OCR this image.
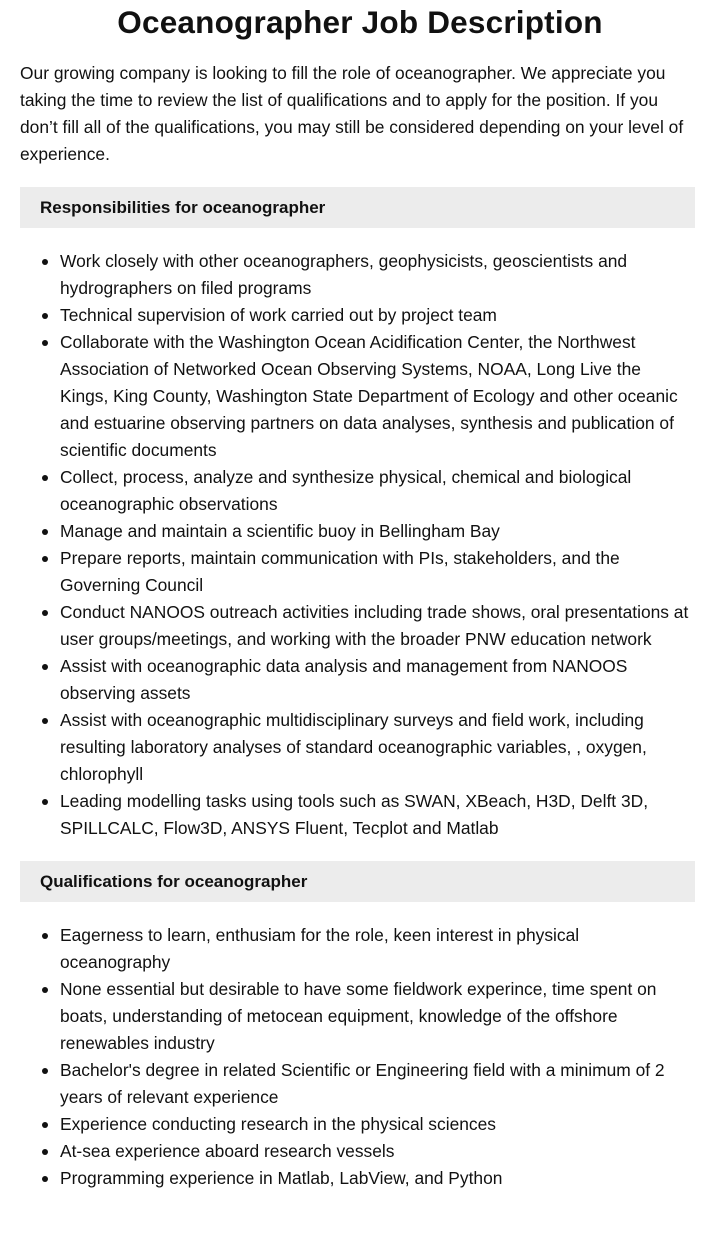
Oceanographer Job Description

Our growing company is looking to fill the role of oceanographer. We appreciate you taking the time to review the list of qualifications and to apply for the position. If you don’t fill all of the qualifications, you may still be considered depending on your level of experience.

Responsibilities for oceanographer
Work closely with other oceanographers, geophysicists, geoscientists and hydrographers on filed programs
Technical supervision of work carried out by project team
Collaborate with the Washington Ocean Acidification Center, the Northwest Association of Networked Ocean Observing Systems, NOAA, Long Live the Kings, King County, Washington State Department of Ecology and other oceanic and estuarine observing partners on data analyses, synthesis and publication of scientific documents
Collect, process, analyze and synthesize physical, chemical and biological oceanographic observations
Manage and maintain a scientific buoy in Bellingham Bay
Prepare reports, maintain communication with PIs, stakeholders, and the Governing Council
Conduct NANOOS outreach activities including trade shows, oral presentations at user groups/meetings, and working with the broader PNW education network
Assist with oceanographic data analysis and management from NANOOS observing assets
Assist with oceanographic multidisciplinary surveys and field work, including resulting laboratory analyses of standard oceanographic variables, , oxygen, chlorophyll
Leading modelling tasks using tools such as SWAN, XBeach, H3D, Delft 3D, SPILLCALC, Flow3D, ANSYS Fluent, Tecplot and Matlab
Qualifications for oceanographer
Eagerness to learn, enthusiam for the role, keen interest in physical oceanography
None essential but desirable to have some fieldwork experince, time spent on boats, understanding of metocean equipment, knowledge of the offshore renewables industry
Bachelor's degree in related Scientific or Engineering field with a minimum of 2 years of relevant experience
Experience conducting research in the physical sciences
At-sea experience aboard research vessels
Programming experience in Matlab, LabView, and Python
